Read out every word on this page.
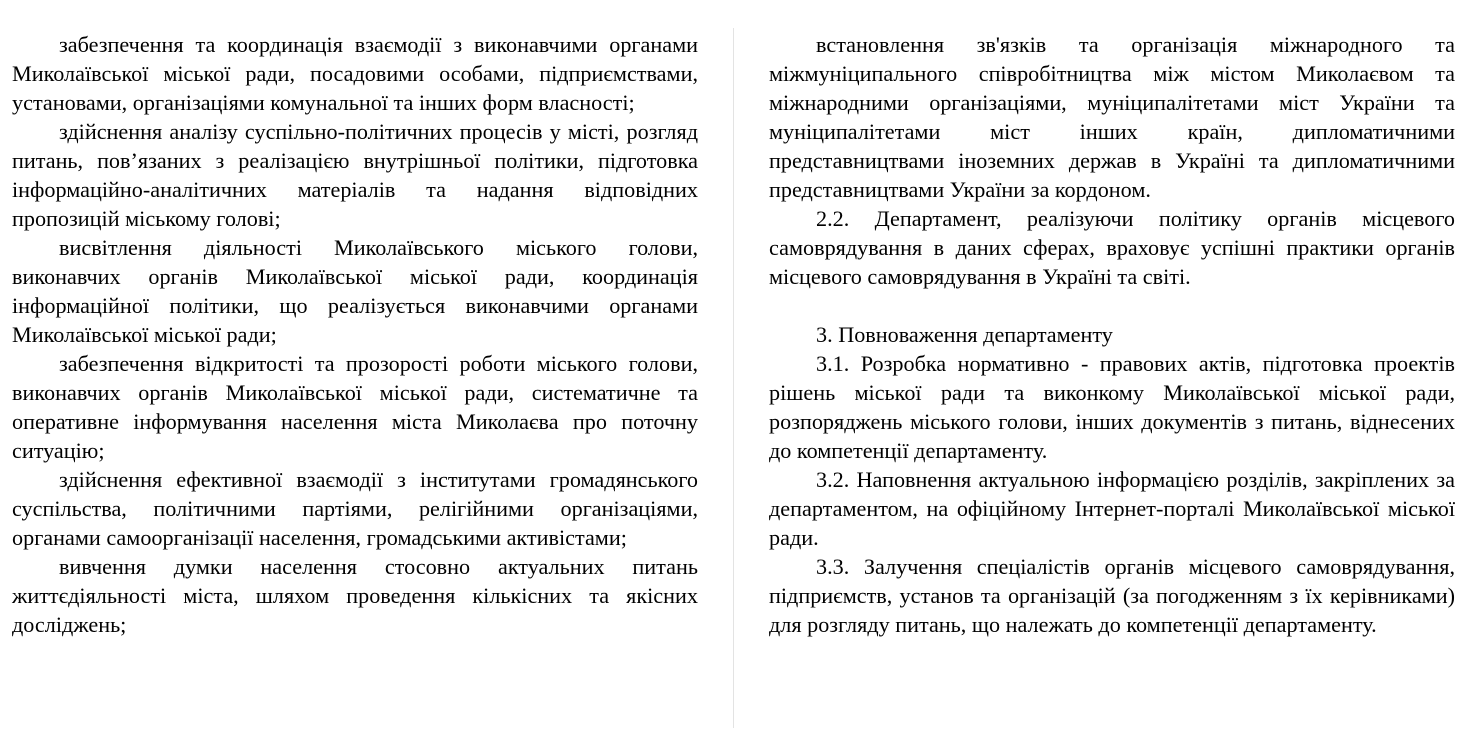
забезпечення та координація взаємодії з виконавчими органами Миколаївської міської ради, посадовими особами, підприємствами, установами, організаціями комунальної та інших форм власності;

здійснення аналізу суспільно-політичних процесів у місті, розгляд питань, пов’язаних з реалізацією внутрішньої політики, підготовка інформаційно-аналітичних матеріалів та надання відповідних пропозицій міському голові;

висвітлення діяльності Миколаївського міського голови, виконавчих органів Миколаївської міської ради, координація інформаційної політики, що реалізується виконавчими органами Миколаївської міської ради;

забезпечення відкритості та прозорості роботи міського голови, виконавчих органів Миколаївської міської ради, систематичне та оперативне інформування населення міста Миколаєва про поточну ситуацію;

здійснення ефективної взаємодії з інститутами громадянського суспільства, політичними партіями, релігійними організаціями, органами самоорганізації населення, громадськими активістами;

вивчення думки населення стосовно актуальних питань життєдіяльності міста, шляхом проведення кількісних та якісних досліджень;

встановлення зв'язків та організація міжнародного та міжмуніципального співробітництва між містом Миколаєвом та міжнародними організаціями, муніципалітетами міст України та муніципалітетами міст інших країн, дипломатичними представництвами іноземних держав в Україні та дипломатичними представництвами України за кордоном.

2.2. Департамент, реалізуючи політику органів місцевого самоврядування в даних сферах, враховує успішні практики органів місцевого самоврядування в Україні та світі.

3. Повноваження департаменту

3.1. Розробка нормативно - правових актів, підготовка проектів рішень міської ради та виконкому Миколаївської міської ради, розпоряджень міського голови, інших документів з питань, віднесених до компетенції департаменту.

3.2. Наповнення актуальною інформацією розділів, закріплених за департаментом, на офіційному Інтернет-порталі Миколаївської міської ради.

3.3. Залучення спеціалістів органів місцевого самоврядування, підприємств, установ та організацій (за погодженням з їх керівниками) для розгляду питань, що належать до компетенції департаменту.
